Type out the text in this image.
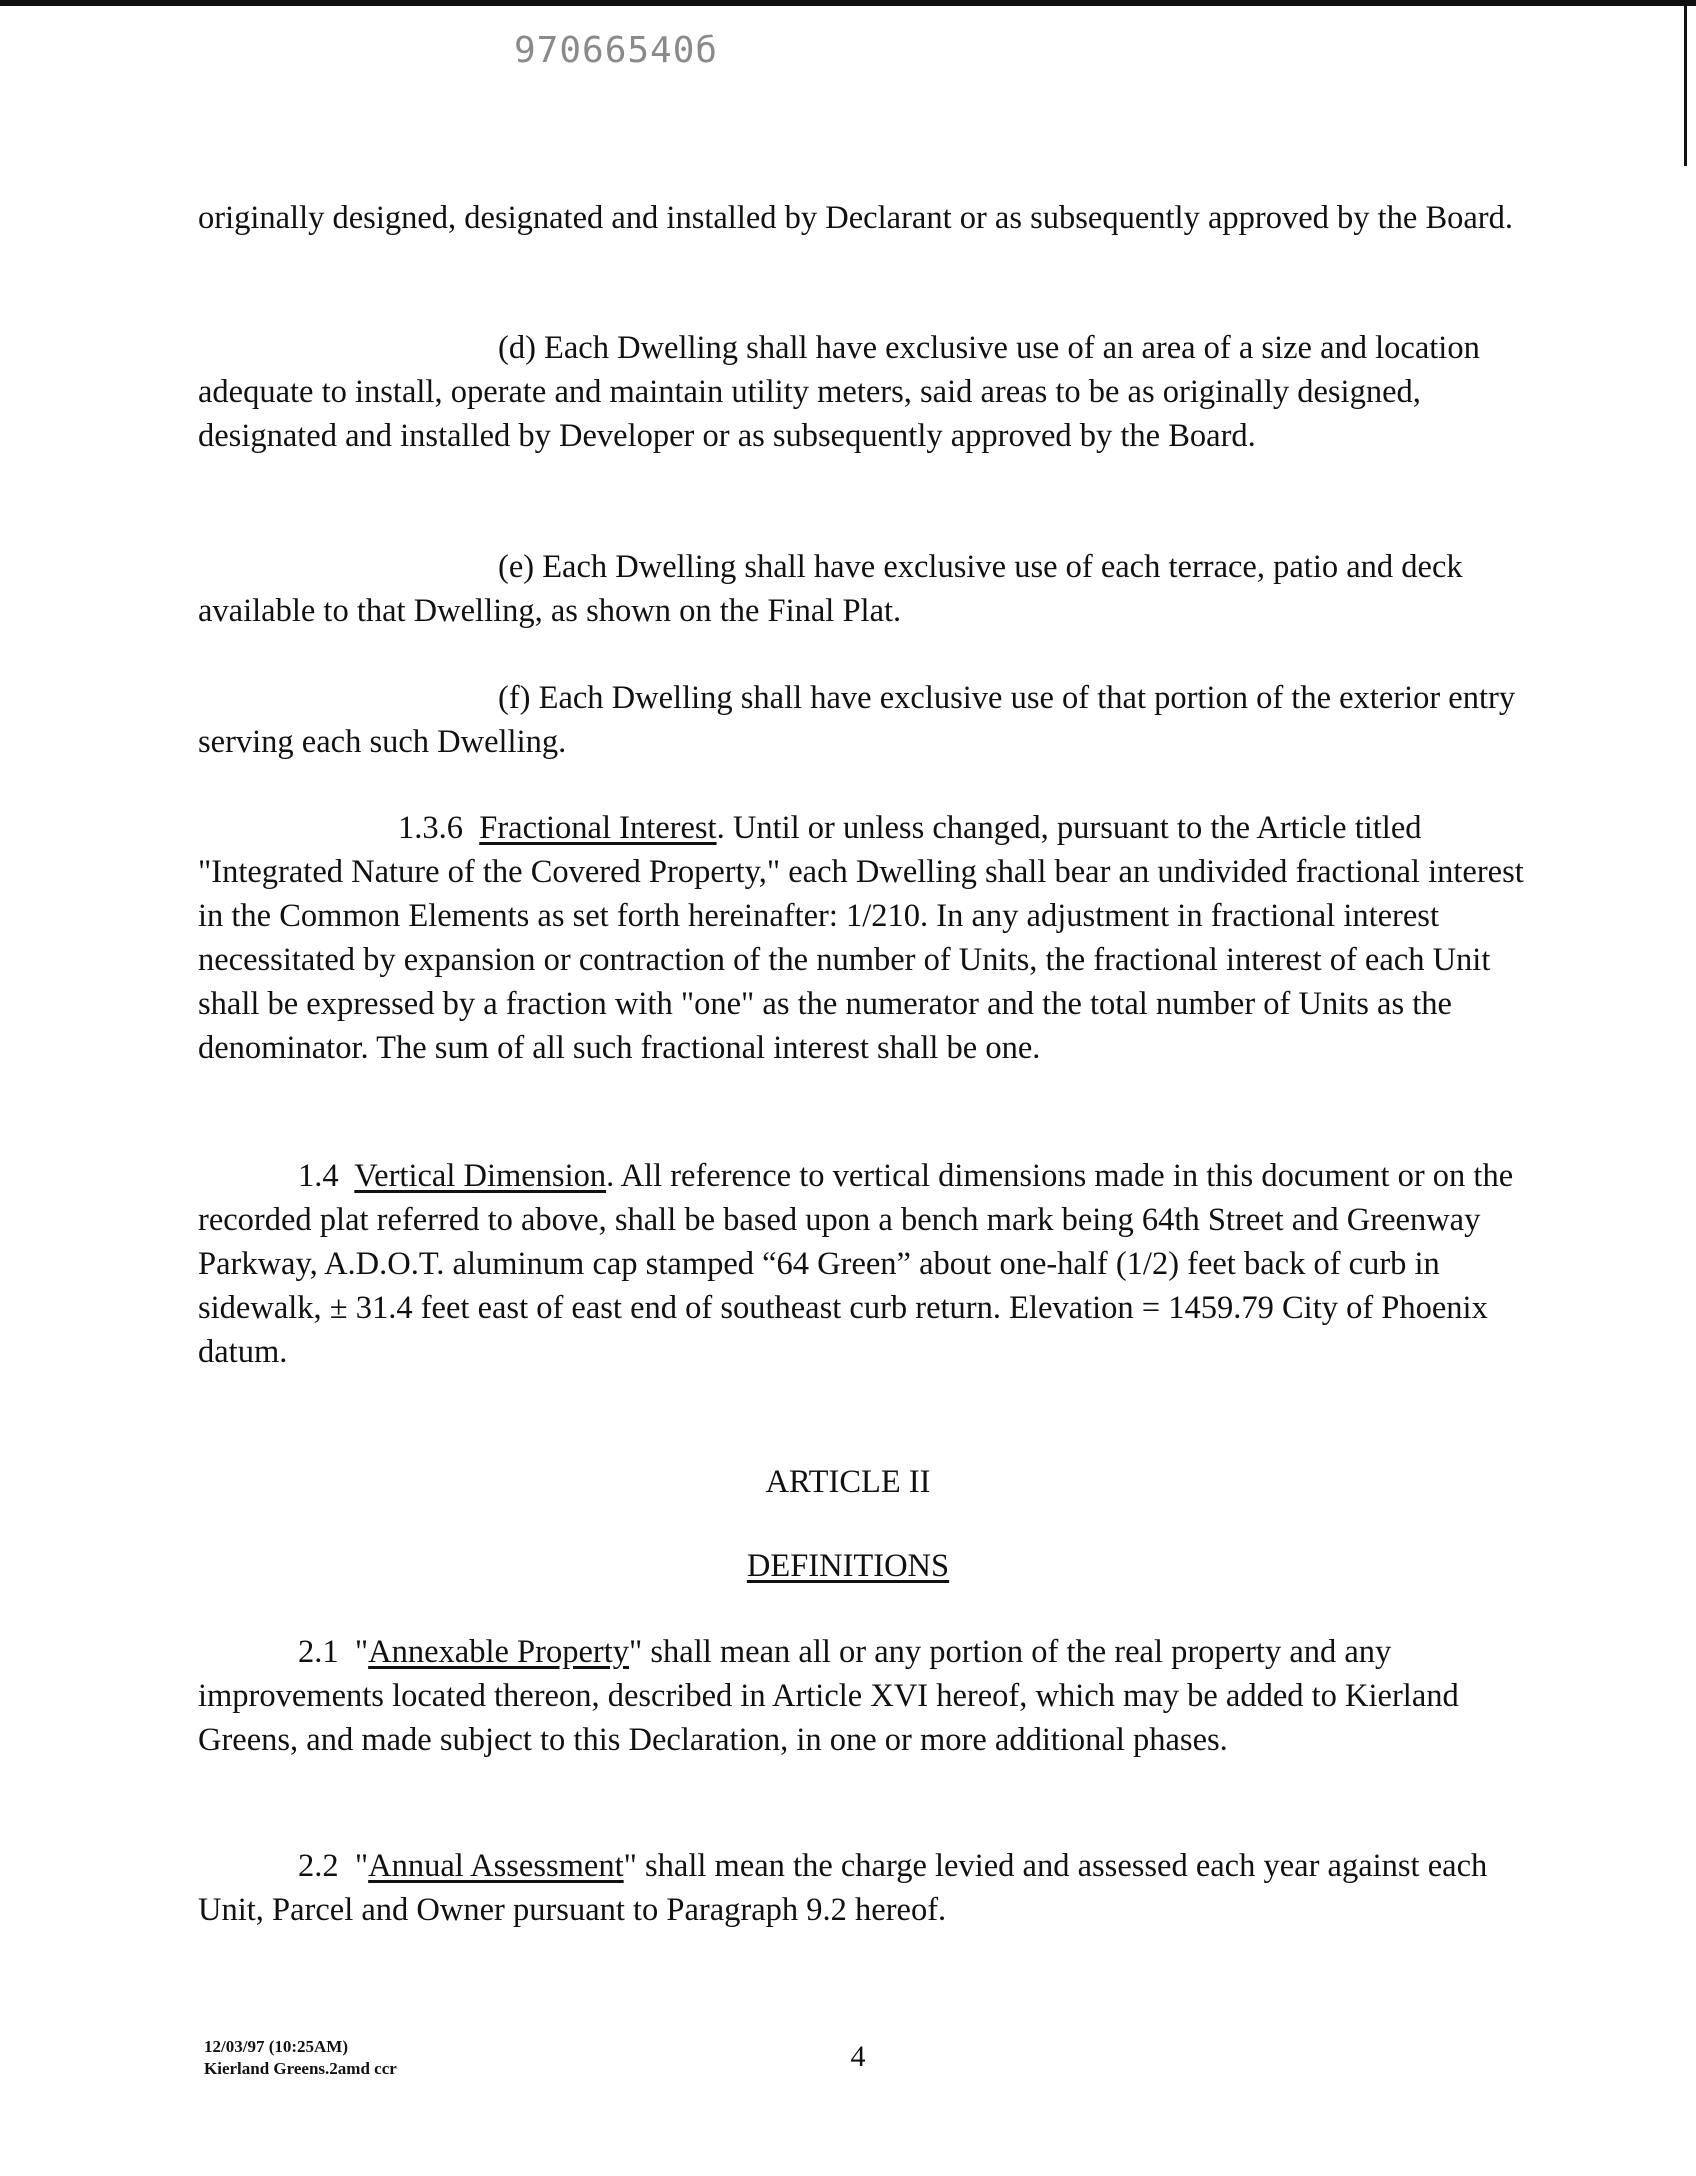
97066540б

originally designed, designated and installed by Declarant or as subsequently approved by the Board.

(d) Each Dwelling shall have exclusive use of an area of a size and location adequate to install, operate and maintain utility meters, said areas to be as originally designed, designated and installed by Developer or as subsequently approved by the Board.

(e) Each Dwelling shall have exclusive use of each terrace, patio and deck available to that Dwelling, as shown on the Final Plat.

(f) Each Dwelling shall have exclusive use of that portion of the exterior entry serving each such Dwelling.

1.3.6 Fractional Interest. Until or unless changed, pursuant to the Article titled "Integrated Nature of the Covered Property," each Dwelling shall bear an undivided fractional interest in the Common Elements as set forth hereinafter: 1/210. In any adjustment in fractional interest necessitated by expansion or contraction of the number of Units, the fractional interest of each Unit shall be expressed by a fraction with "one" as the numerator and the total number of Units as the denominator. The sum of all such fractional interest shall be one.

1.4 Vertical Dimension. All reference to vertical dimensions made in this document or on the recorded plat referred to above, shall be based upon a bench mark being 64th Street and Greenway Parkway, A.D.O.T. aluminum cap stamped “64 Green” about one-half (1/2) feet back of curb in sidewalk, ± 31.4 feet east of east end of southeast curb return. Elevation = 1459.79 City of Phoenix datum.

ARTICLE II

DEFINITIONS

2.1 "Annexable Property" shall mean all or any portion of the real property and any improvements located thereon, described in Article XVI hereof, which may be added to Kierland Greens, and made subject to this Declaration, in one or more additional phases.

2.2 "Annual Assessment" shall mean the charge levied and assessed each year against each Unit, Parcel and Owner pursuant to Paragraph 9.2 hereof.

12/03/97 (10:25AM)
Kierland Greens.2amd ccr	4
